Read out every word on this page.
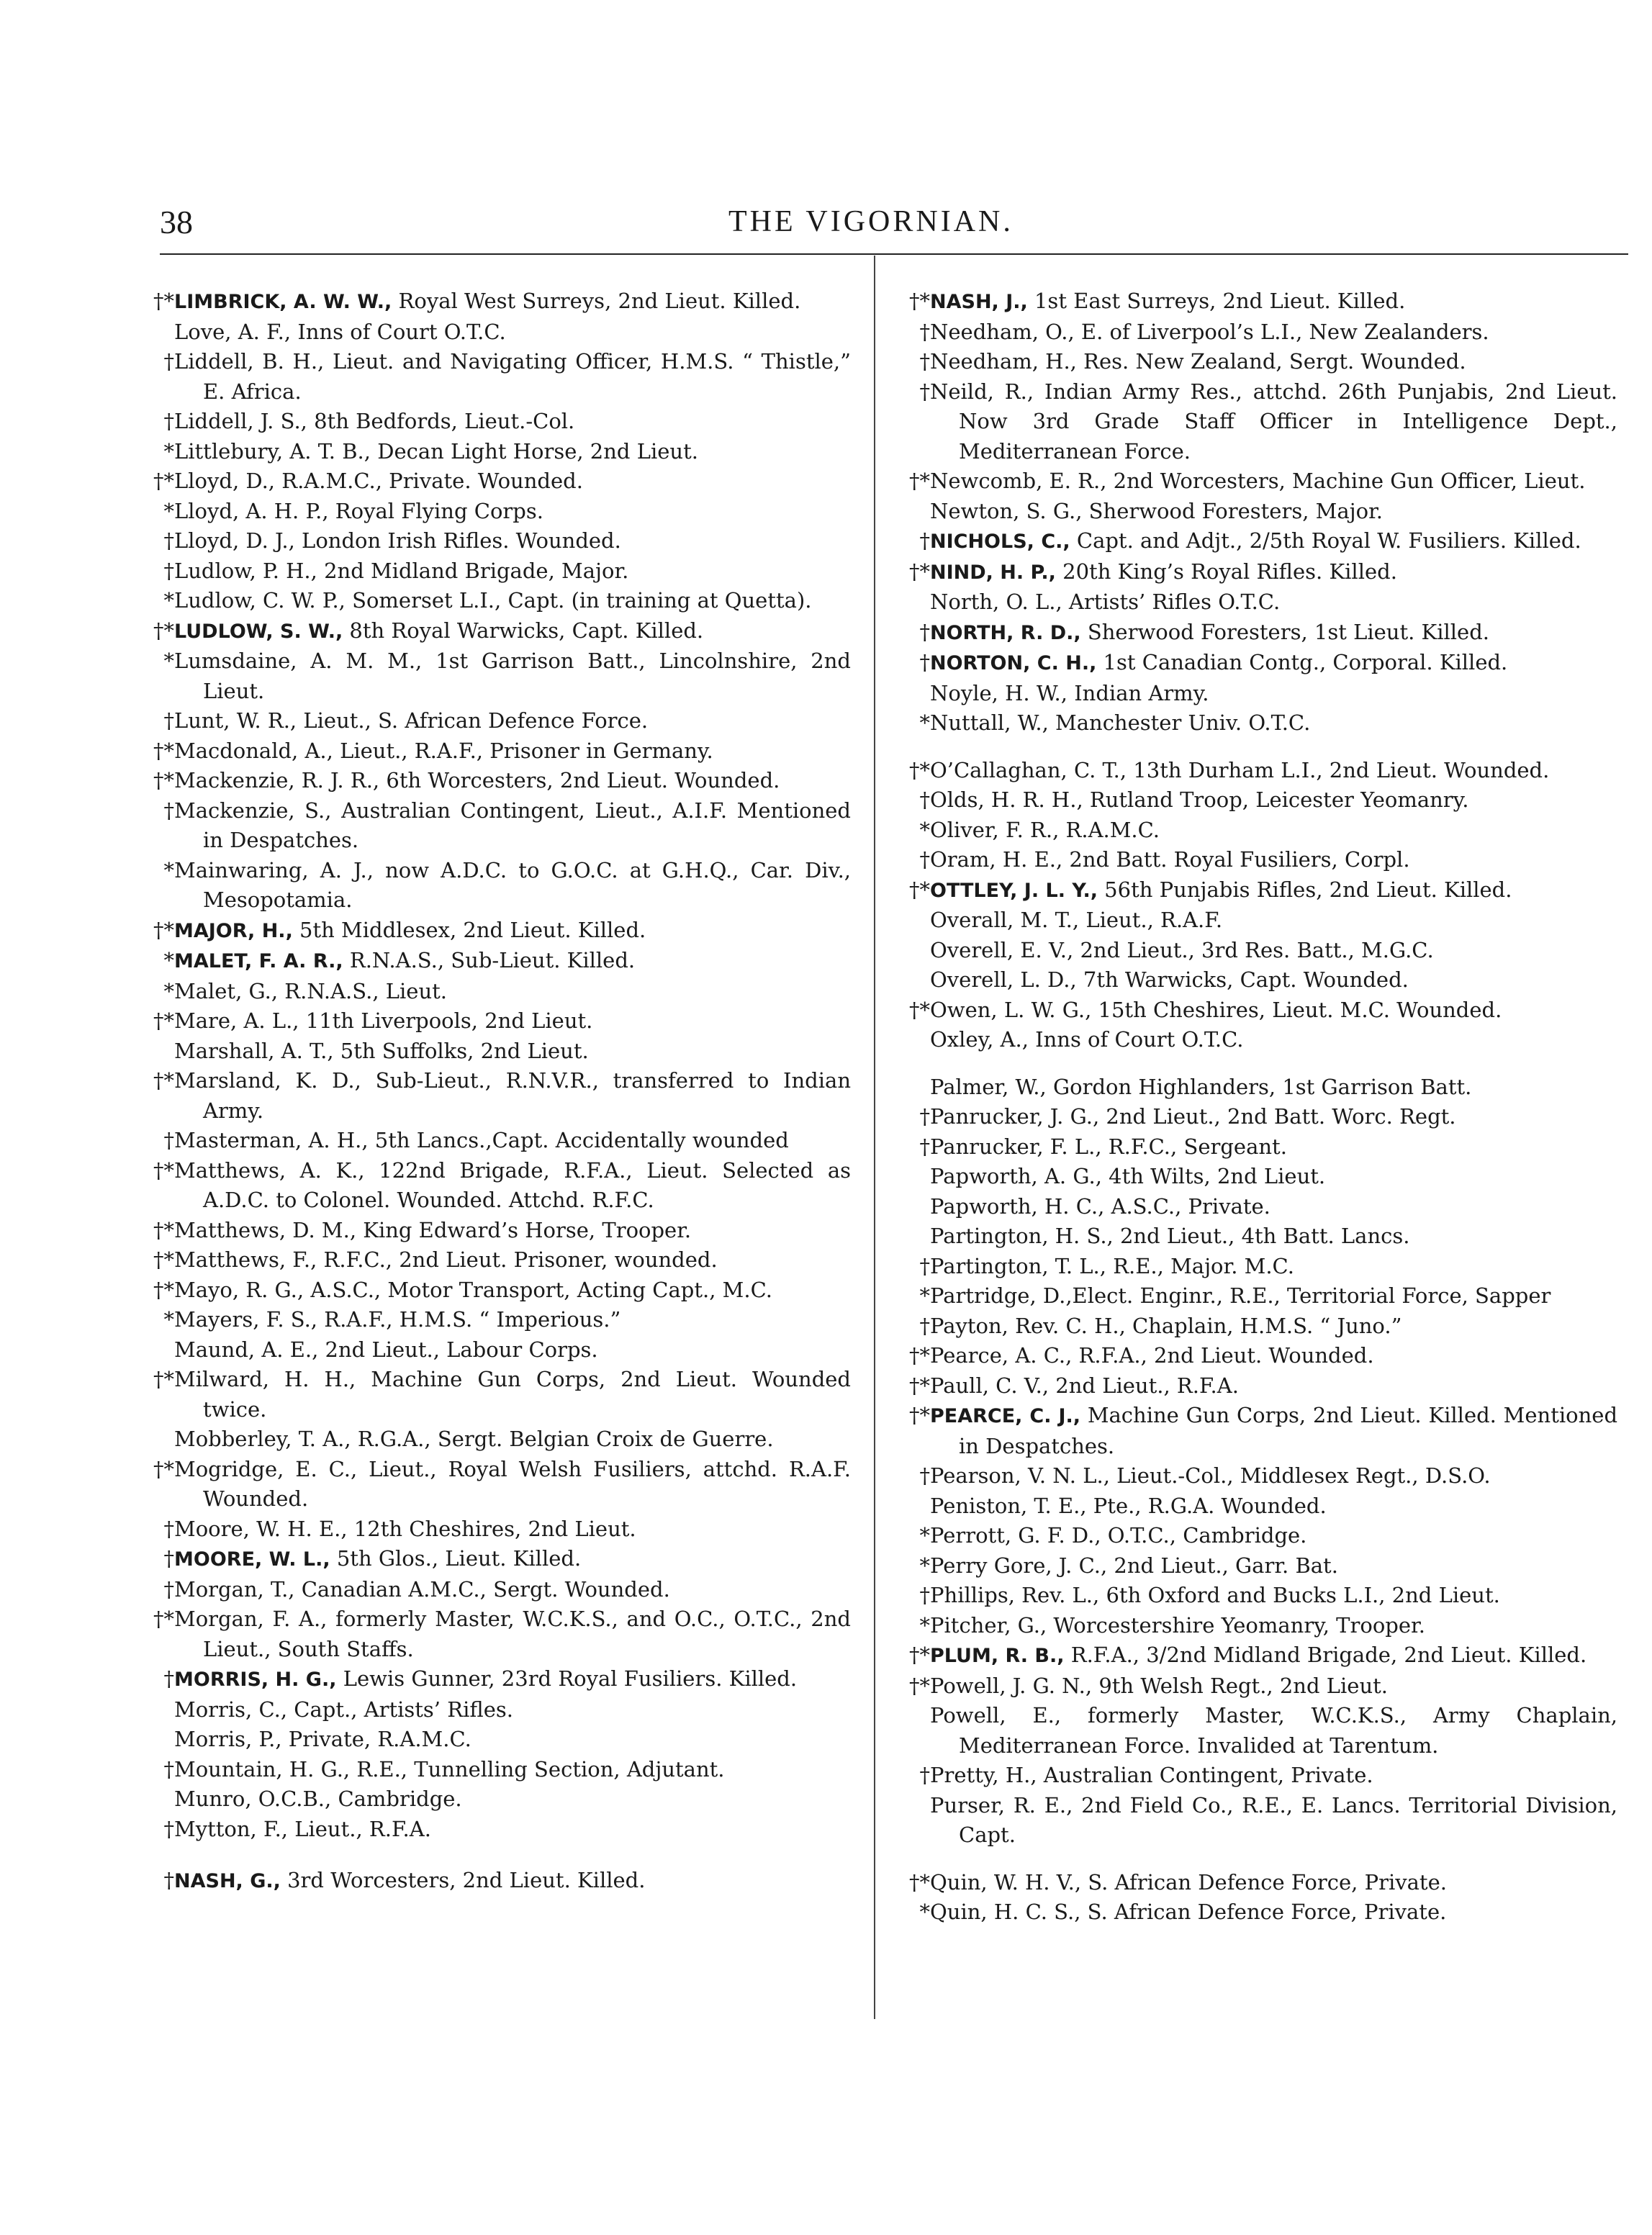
38	THE VIGORNIAN.

†*LIMBRICK, A. W. W., Royal West Surreys, 2nd Lieut. Killed.

Love, A. F., Inns of Court O.T.C.

†Liddell, B. H., Lieut. and Navigating Officer, H.M.S. “ Thistle,” E. Africa.

†Liddell, J. S., 8th Bedfords, Lieut.-Col.

*Littlebury, A. T. B., Decan Light Horse, 2nd Lieut.

†*Lloyd, D., R.A.M.C., Private. Wounded.

*Lloyd, A. H. P., Royal Flying Corps.

†Lloyd, D. J., London Irish Rifles. Wounded.

†Ludlow, P. H., 2nd Midland Brigade, Major.

*Ludlow, C. W. P., Somerset L.I., Capt. (in training at Quetta).

†*LUDLOW, S. W., 8th Royal Warwicks, Capt. Killed.

*Lumsdaine, A. M. M., 1st Garrison Batt., Lincolnshire, 2nd Lieut.

†Lunt, W. R., Lieut., S. African Defence Force.

†*Macdonald, A., Lieut., R.A.F., Prisoner in Germany.

†*Mackenzie, R. J. R., 6th Worcesters, 2nd Lieut. Wounded.

†Mackenzie, S., Australian Contingent, Lieut., A.I.F. Mentioned in Despatches.

*Mainwaring, A. J., now A.D.C. to G.O.C. at G.H.Q., Car. Div., Mesopotamia.

†*MAJOR, H., 5th Middlesex, 2nd Lieut. Killed.

*MALET, F. A. R., R.N.A.S., Sub-Lieut. Killed.

*Malet, G., R.N.A.S., Lieut.

†*Mare, A. L., 11th Liverpools, 2nd Lieut.

Marshall, A. T., 5th Suffolks, 2nd Lieut.

†*Marsland, K. D., Sub-Lieut., R.N.V.R., transferred to Indian Army.

†Masterman, A. H., 5th Lancs.,Capt. Accidentally wounded

†*Matthews, A. K., 122nd Brigade, R.F.A., Lieut. Selected as A.D.C. to Colonel. Wounded. Attchd. R.F.C.

†*Matthews, D. M., King Edward’s Horse, Trooper.

†*Matthews, F., R.F.C., 2nd Lieut. Prisoner, wounded.

†*Mayo, R. G., A.S.C., Motor Transport, Acting Capt., M.C.

*Mayers, F. S., R.A.F., H.M.S. “ Imperious.”

Maund, A. E., 2nd Lieut., Labour Corps.

†*Milward, H. H., Machine Gun Corps, 2nd Lieut. Wounded twice.

Mobberley, T. A., R.G.A., Sergt. Belgian Croix de Guerre.

†*Mogridge, E. C., Lieut., Royal Welsh Fusiliers, attchd. R.A.F. Wounded.

†Moore, W. H. E., 12th Cheshires, 2nd Lieut.

†MOORE, W. L., 5th Glos., Lieut. Killed.

†Morgan, T., Canadian A.M.C., Sergt. Wounded.

†*Morgan, F. A., formerly Master, W.C.K.S., and O.C., O.T.C., 2nd Lieut., South Staffs.

†MORRIS, H. G., Lewis Gunner, 23rd Royal Fusiliers. Killed.

Morris, C., Capt., Artists’ Rifles.

Morris, P., Private, R.A.M.C.

†Mountain, H. G., R.E., Tunnelling Section, Adjutant.

Munro, O.C.B., Cambridge.

†Mytton, F., Lieut., R.F.A.

†NASH, G., 3rd Worcesters, 2nd Lieut. Killed.

†*NASH, J., 1st East Surreys, 2nd Lieut. Killed.

†Needham, O., E. of Liverpool’s L.I., New Zealanders.

†Needham, H., Res. New Zealand, Sergt. Wounded.

†Neild, R., Indian Army Res., attchd. 26th Punjabis, 2nd Lieut. Now 3rd Grade Staff Officer in Intelligence Dept., Mediterranean Force.

†*Newcomb, E. R., 2nd Worcesters, Machine Gun Officer, Lieut.

Newton, S. G., Sherwood Foresters, Major.

†NICHOLS, C., Capt. and Adjt., 2/5th Royal W. Fusiliers. Killed.

†*NIND, H. P., 20th King’s Royal Rifles. Killed.

North, O. L., Artists’ Rifles O.T.C.

†NORTH, R. D., Sherwood Foresters, 1st Lieut. Killed.

†NORTON, C. H., 1st Canadian Contg., Corporal. Killed.

Noyle, H. W., Indian Army.

*Nuttall, W., Manchester Univ. O.T.C.

†*O’Callaghan, C. T., 13th Durham L.I., 2nd Lieut. Wounded.

†Olds, H. R. H., Rutland Troop, Leicester Yeomanry.

*Oliver, F. R., R.A.M.C.

†Oram, H. E., 2nd Batt. Royal Fusiliers, Corpl.

†*OTTLEY, J. L. Y., 56th Punjabis Rifles, 2nd Lieut. Killed.

Overall, M. T., Lieut., R.A.F.

Overell, E. V., 2nd Lieut., 3rd Res. Batt., M.G.C.

Overell, L. D., 7th Warwicks, Capt. Wounded.

†*Owen, L. W. G., 15th Cheshires, Lieut. M.C. Wounded.

Oxley, A., Inns of Court O.T.C.

Palmer, W., Gordon Highlanders, 1st Garrison Batt.

†Panrucker, J. G., 2nd Lieut., 2nd Batt. Worc. Regt.

†Panrucker, F. L., R.F.C., Sergeant.

Papworth, A. G., 4th Wilts, 2nd Lieut.

Papworth, H. C., A.S.C., Private.

Partington, H. S., 2nd Lieut., 4th Batt. Lancs.

†Partington, T. L., R.E., Major. M.C.

*Partridge, D.,Elect. Enginr., R.E., Territorial Force, Sapper

†Payton, Rev. C. H., Chaplain, H.M.S. “ Juno.”

†*Pearce, A. C., R.F.A., 2nd Lieut. Wounded.

†*Paull, C. V., 2nd Lieut., R.F.A.

†*PEARCE, C. J., Machine Gun Corps, 2nd Lieut. Killed. Mentioned in Despatches.

†Pearson, V. N. L., Lieut.-Col., Middlesex Regt., D.S.O.

Peniston, T. E., Pte., R.G.A. Wounded.

*Perrott, G. F. D., O.T.C., Cambridge.

*Perry Gore, J. C., 2nd Lieut., Garr. Bat.

†Phillips, Rev. L., 6th Oxford and Bucks L.I., 2nd Lieut.

*Pitcher, G., Worcestershire Yeomanry, Trooper.

†*PLUM, R. B., R.F.A., 3/2nd Midland Brigade, 2nd Lieut. Killed.

†*Powell, J. G. N., 9th Welsh Regt., 2nd Lieut.

Powell, E., formerly Master, W.C.K.S., Army Chaplain, Mediterranean Force. Invalided at Tarentum.

†Pretty, H., Australian Contingent, Private.

Purser, R. E., 2nd Field Co., R.E., E. Lancs. Territorial Division, Capt.

†*Quin, W. H. V., S. African Defence Force, Private.

*Quin, H. C. S., S. African Defence Force, Private.
